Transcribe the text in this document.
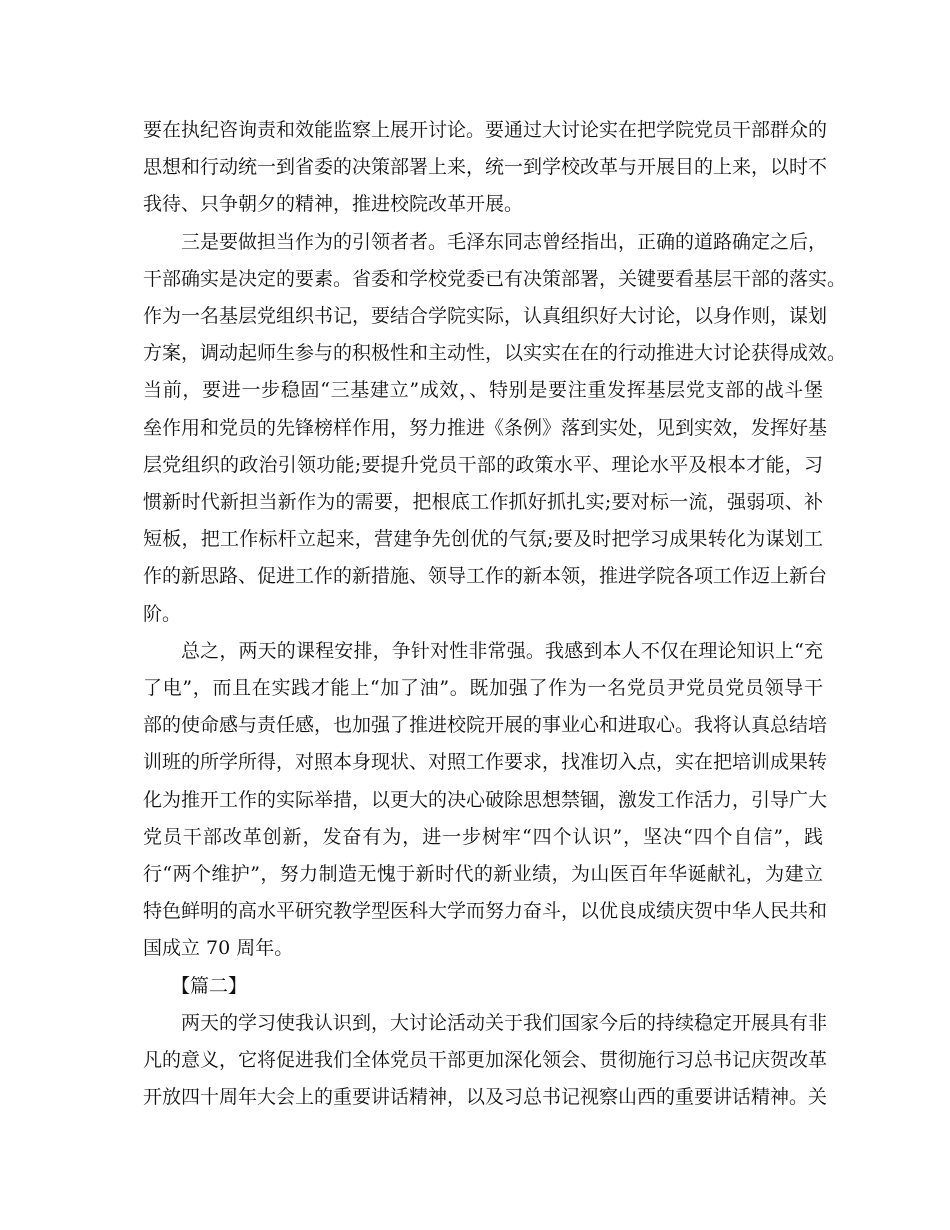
要在执纪咨询责和效能监察上展开讨论。要通过大讨论实在把学院党员干部群众的
思想和行动统一到省委的决策部署上来，统一到学校改革与开展目的上来，以时不
我待、只争朝夕的精神，推进校院改革开展。
三是要做担当作为的引领者者。毛泽东同志曾经指出，正确的道路确定之后，
干部确实是决定的要素。省委和学校党委已有决策部署，关键要看基层干部的落实。
作为一名基层党组织书记，要结合学院实际，认真组织好大讨论，以身作则，谋划
方案，调动起师生参与的积极性和主动性，以实实在在的行动推进大讨论获得成效。
当前，要进一步稳固“三基建立”成效，、特别是要注重发挥基层党支部的战斗堡
垒作用和党员的先锋榜样作用，努力推进《条例》落到实处，见到实效，发挥好基
层党组织的政治引领功能;要提升党员干部的政策水平、理论水平及根本才能，习
惯新时代新担当新作为的需要，把根底工作抓好抓扎实;要对标一流，强弱项、补
短板，把工作标杆立起来，营建争先创优的气氛;要及时把学习成果转化为谋划工
作的新思路、促进工作的新措施、领导工作的新本领，推进学院各项工作迈上新台
阶。
总之，两天的课程安排，争针对性非常强。我感到本人不仅在理论知识上“充
了电”，而且在实践才能上“加了油”。既加强了作为一名党员尹党员党员领导干
部的使命感与责任感，也加强了推进校院开展的事业心和进取心。我将认真总结培
训班的所学所得，对照本身现状、对照工作要求，找准切入点，实在把培训成果转
化为推开工作的实际举措，以更大的决心破除思想禁锢，激发工作活力，引导广大
党员干部改革创新，发奋有为，进一步树牢“四个认识”，坚决“四个自信”，践
行“两个维护”，努力制造无愧于新时代的新业绩，为山医百年华诞献礼，为建立
特色鲜明的高水平研究教学型医科大学而努力奋斗，以优良成绩庆贺中华人民共和
国成立 70 周年。
【篇二】
两天的学习使我认识到，大讨论活动关于我们国家今后的持续稳定开展具有非
凡的意义，它将促进我们全体党员干部更加深化领会、贯彻施行习总书记庆贺改革
开放四十周年大会上的重要讲话精神，以及习总书记视察山西的重要讲话精神。关
